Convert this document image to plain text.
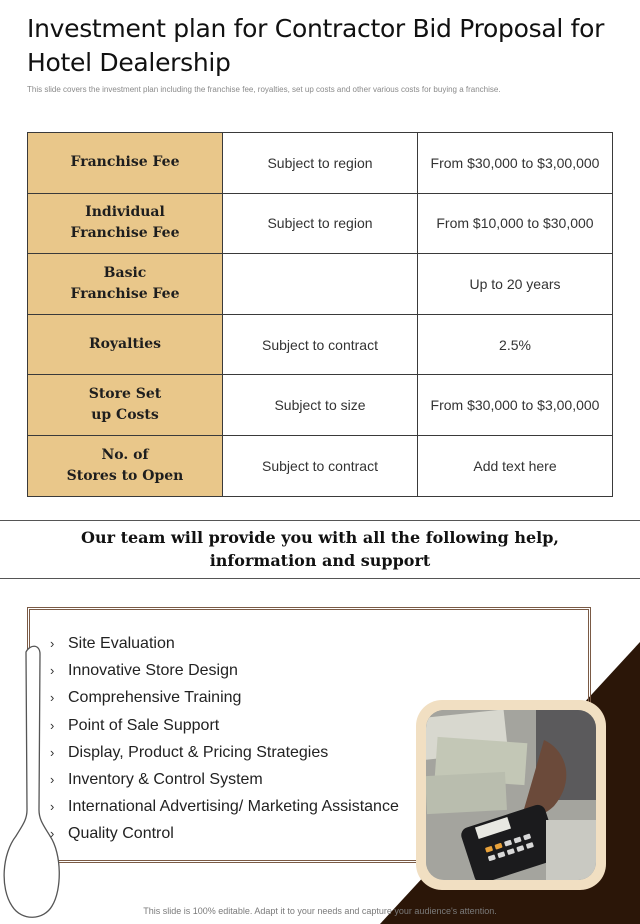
Investment plan for Contractor Bid Proposal for Hotel Dealership
This slide covers the investment plan including the franchise fee, royalties, set up costs and other various costs for buying a franchise.
Franchise Fee	Subject to region	From $30,000 to $3,00,000

Individual
Franchise Fee	Subject to region	From $10,000 to $30,000

Basic
Franchise Fee		Up to 20 years

Royalties	Subject to contract	2.5%

Store Set
up Costs	Subject to size	From $30,000 to $3,00,000

No. of
Stores to Open	Subject to contract	Add text here
Our team will provide you with all the following help,
information and support
› Site Evaluation
› Innovative Store Design
› Comprehensive Training
› Point of Sale Support
› Display, Product & Pricing Strategies
› Inventory & Control System
› International Advertising/ Marketing Assistance
› Quality Control
This slide is 100% editable. Adapt it to your needs and capture your audience's attention.
